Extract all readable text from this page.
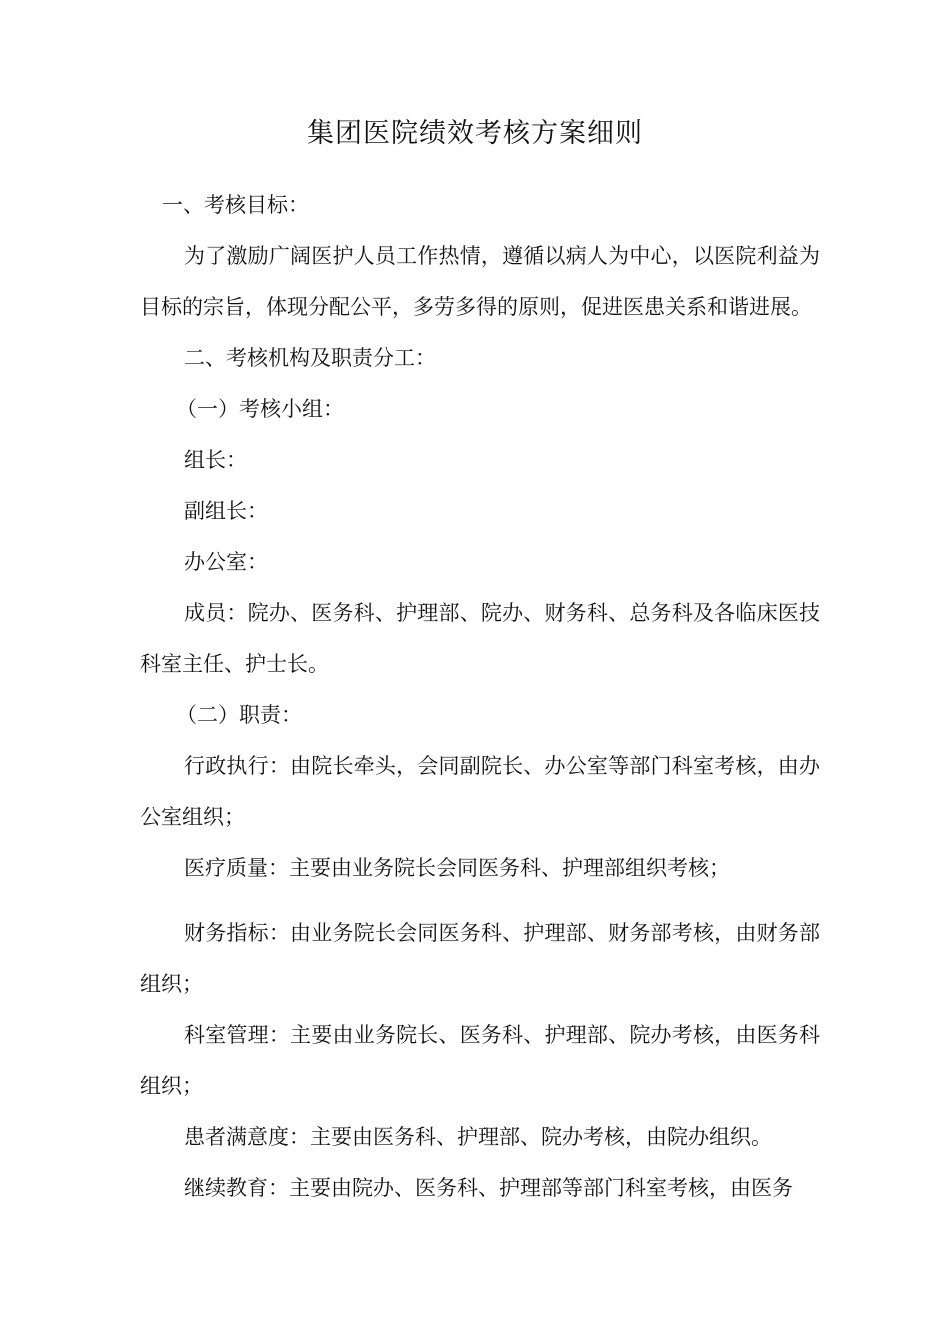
集团医院绩效考核方案细则

一、考核目标：

为了激励广阔医护人员工作热情，遵循以病人为中心，以医院利益为目标的宗旨，体现分配公平，多劳多得的原则，促进医患关系和谐进展。

二、考核机构及职责分工：

（一）考核小组：

组长：

副组长：

办公室：

成员：院办、医务科、护理部、院办、财务科、总务科及各临床医技科室主任、护士长。

（二）职责：

行政执行：由院长牵头，会同副院长、办公室等部门科室考核，由办公室组织；

医疗质量：主要由业务院长会同医务科、护理部组织考核；

财务指标：由业务院长会同医务科、护理部、财务部考核，由财务部组织；

科室管理：主要由业务院长、医务科、护理部、院办考核，由医务科组织；

患者满意度：主要由医务科、护理部、院办考核，由院办组织。

继续教育：主要由院办、医务科、护理部等部门科室考核，由医务
